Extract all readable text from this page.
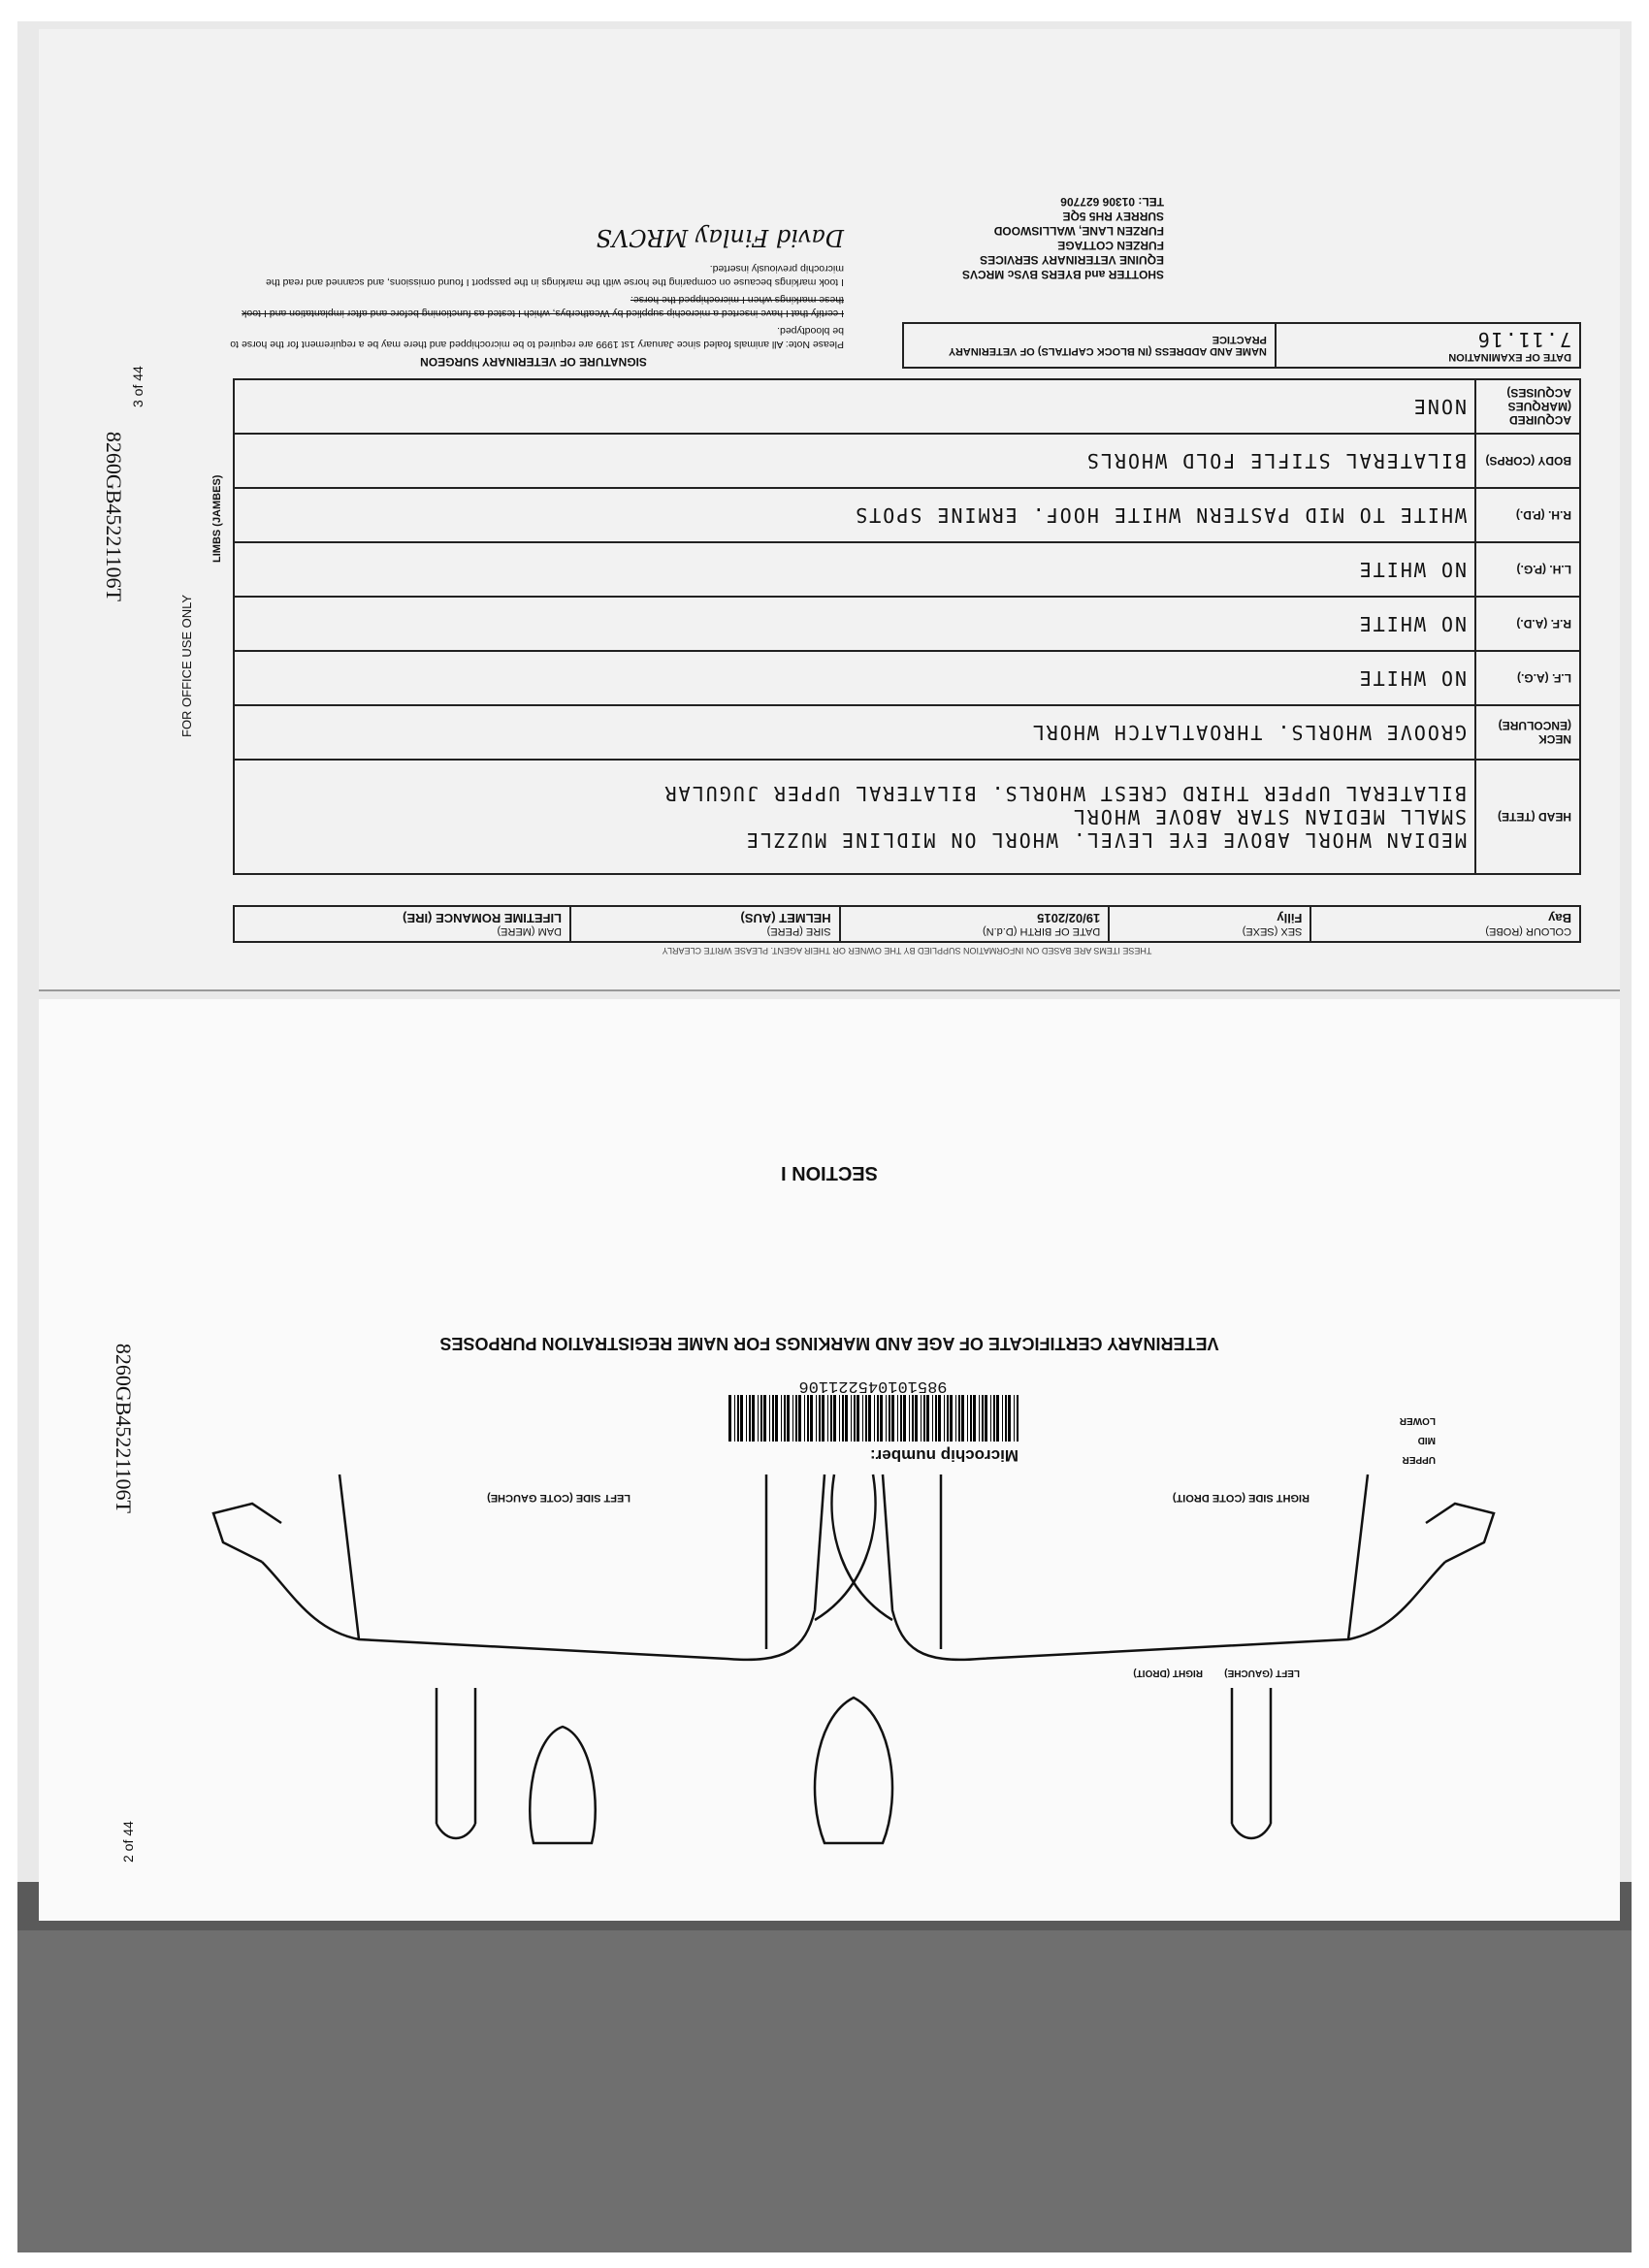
8260GB45221106T
3 of 44
FOR OFFICE USE ONLY
THESE ITEMS ARE BASED ON INFORMATION SUPPLIED BY THE OWNER OR THEIR AGENT. PLEASE WRITE CLEARLY
COLOUR (ROBE)
Bay

SEX (SEXE)
Filly

DATE OF BIRTH (D.d.N)
19/02/2015

SIRE (PERE)
HELMET (AUS)

DAM (MERE)
LIFETIME ROMANCE (IRE)
HEAD (TETE)	MEDIAN WHORL ABOVE EYE LEVEL. WHORL ON MIDLINE MUZZLE
SMALL MEDIAN STAR ABOVE WHORL
BILATERAL UPPER THIRD CREST WHORLS. BILATERAL UPPER JUGULAR

NECK (ENCOLURE)	GROOVE WHORLS. THROATLATCH WHORL
L.F. (A.G.)	NO WHITE
R.F. (A.D.)	NO WHITE
L.H. (P.G.)	NO WHITE
R.H. (P.D.)	WHITE TO MID PASTERN WHITE HOOF. ERMINE SPOTS
BODY (CORPS)	BILATERAL STIFLE FOLD WHORLS
ACQUIRED (MARQUES ACQUISES)	NONE
LIMBS (JAMBES)
DATE OF EXAMINATION
7.11.16

NAME AND ADDRESS (IN BLOCK CAPITALS) OF VETERINARY PRACTICE
SHOTTER and BYERS BVSc MRCVS
EQUINE VETERINARY SERVICES
FURZEN COTTAGE
FURZEN LANE, WALLISWOOD
SURREY RH5 5QE
TEL: 01306 627706
SIGNATURE OF VETERINARY SURGEON
Please Note: All animals foaled since January 1st 1999 are required to be microchipped and there may be a requirement for the horse to be bloodtyped.
I certify that I have inserted a microchip supplied by Weatherbys, which I tested as functioning before and after implantation and I took these markings when I microchipped the horse.
I took markings because on comparing the horse with the markings in the passport I found omissions, and scanned and read the microchip previously inserted.
David Finlay MRCVS
8260GB45221106T
2 of 44
SECTION I
VETERINARY CERTIFICATE OF AGE AND MARKINGS FOR NAME REGISTRATION PURPOSES
Microchip number:
985101045221106
RIGHT SIDE (COTE DROIT)
LEFT SIDE (COTE GAUCHE)
UPPER
MID
LOWER
LEFT (GAUCHE)
RIGHT (DROIT)
